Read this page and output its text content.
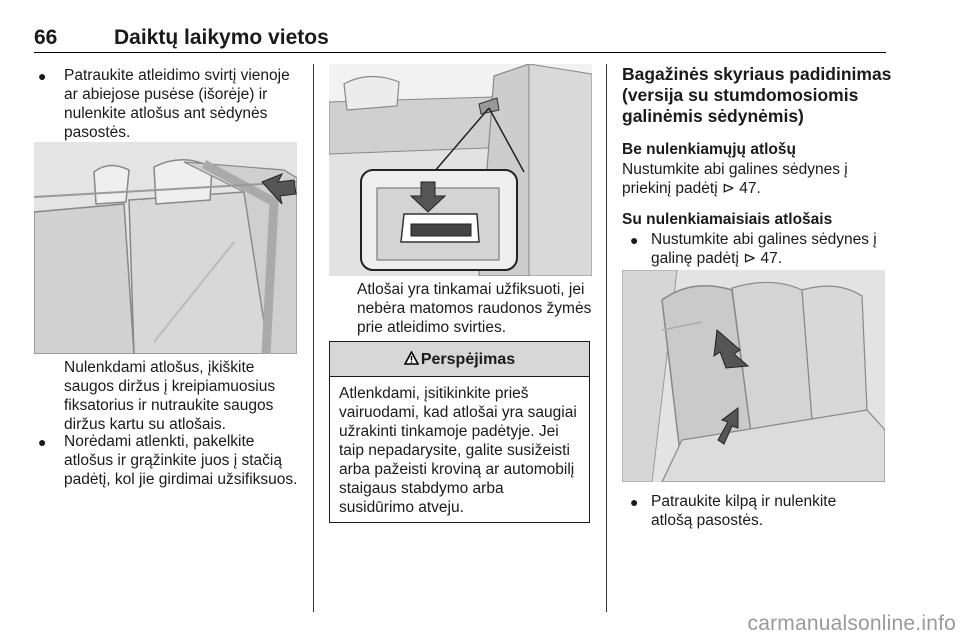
66	Daiktų laikymo vietos
● Patraukite atleidimo svirtį vienoje ar abiejose pusėse (išorėje) ir nulenkite atlošus ant sėdynės pasostės.

Nulenkdami atlošus, įkiškite saugos diržus į kreipiamuosius fiksatorius ir nutraukite saugos diržus kartu su atlošais.

● Norėdami atlenkti, pakelkite atlošus ir grąžinkite juos į stačią padėtį, kol jie girdimai užsifiksuos.

Atlošai yra tinkamai užfiksuoti, jei nebėra matomos raudonos žymės prie atleidimo svirties.

Perspėjimas
Atlenkdami, įsitikinkite prieš vairuodami, kad atlošai yra saugiai užrakinti tinkamoje padėtyje. Jei taip nepadarysite, galite susižeisti arba pažeisti kroviną ar automobilį staigaus stabdymo arba susidūrimo atveju.
Bagažinės skyriaus padidinimas (versija su stumdomosiomis galinėmis sėdynėmis)
Be nulenkiamųjų atlošų

Nustumkite abi galines sėdynes į priekinį padėtį ⊳ 47.

Su nulenkiamaisiais atlošais
● Nustumkite abi galines sėdynes į galinę padėtį ⊳ 47.

● Patraukite kilpą ir nulenkite atlošą pasostės.

carmanualsonline.info
